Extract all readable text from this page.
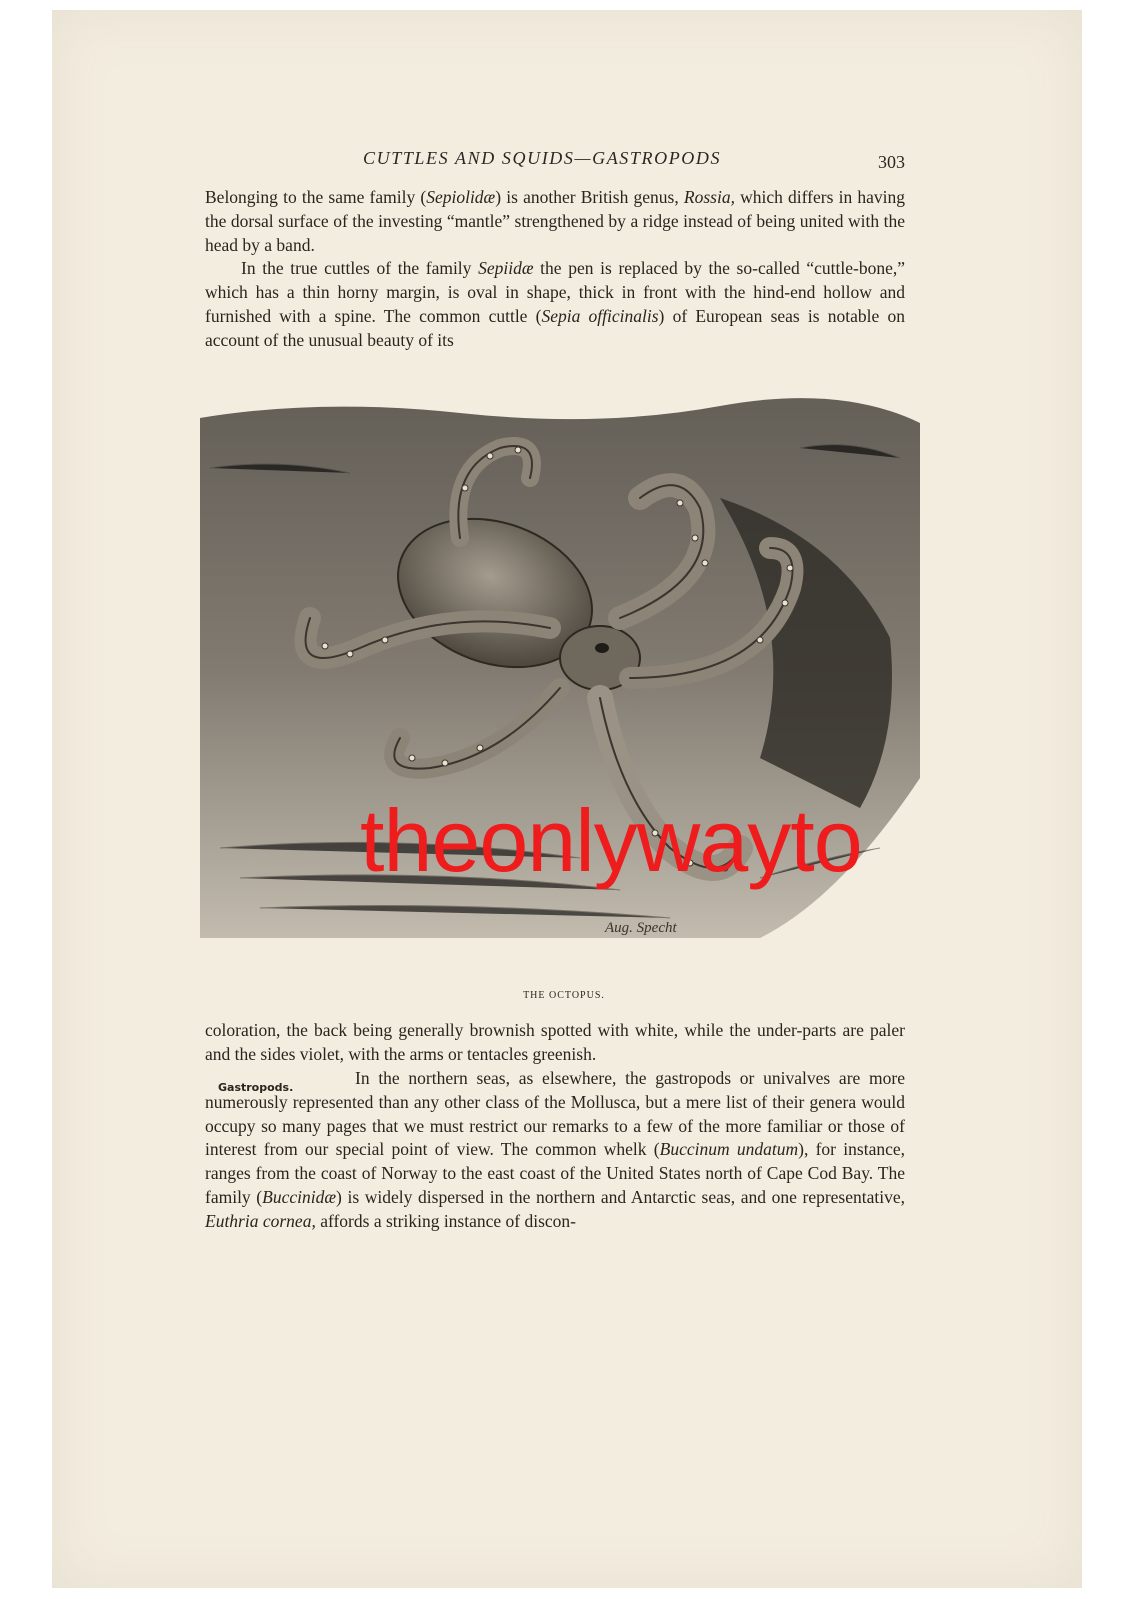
CUTTLES AND SQUIDS—GASTROPODS	303

Belonging to the same family (Sepiolidæ) is another British genus, Rossia, which differs in having the dorsal surface of the investing “mantle” strengthened by a ridge instead of being united with the head by a band.

In the true cuttles of the family Sepiidæ the pen is replaced by the so-called “cuttle-bone,” which has a thin horny margin, is oval in shape, thick in front with the hind-end hollow and furnished with a spine. The common cuttle (Sepia officinalis) of European seas is notable on account of the unusual beauty of its

Aug. Specht
theonlywayto
THE OCTOPUS.

coloration, the back being generally brownish spotted with white, while the under-parts are paler and the sides violet, with the arms or tentacles greenish.

Gastropods.	In the northern seas, as elsewhere, the gastropods or univalves are more numerously represented than any other class of the Mollusca, but a mere list of their genera would occupy so many pages that we must restrict our remarks to a few of the more familiar or those of interest from our special point of view. The common whelk (Buccinum undatum), for instance, ranges from the coast of Norway to the east coast of the United States north of Cape Cod Bay. The family (Buccinidæ) is widely dispersed in the northern and Antarctic seas, and one representative, Euthria cornea, affords a striking instance of discon-
